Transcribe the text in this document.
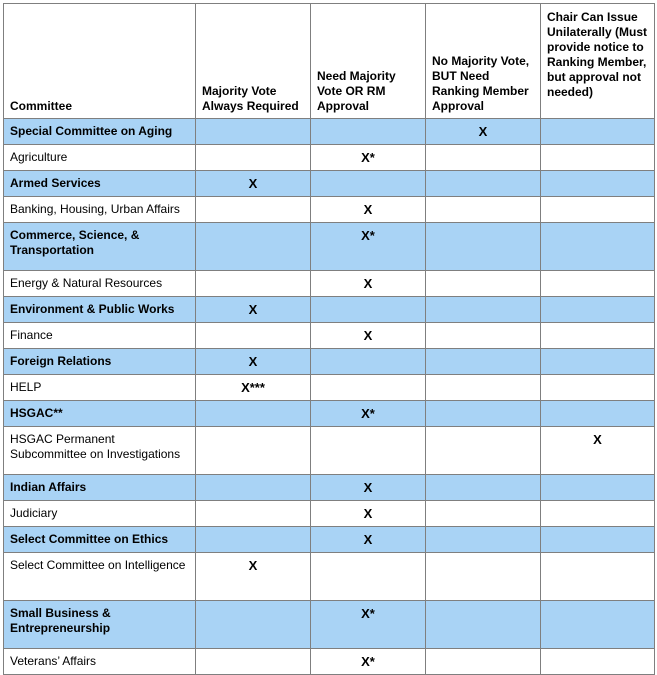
Committee	Majority Vote Always Required	Need Majority Vote OR RM Approval	No Majority Vote, BUT Need Ranking Member Approval	Chair Can Issue Unilaterally (Must provide notice to Ranking Member, but approval not needed)
Special Committee on Aging			X	
Agriculture		X*		
Armed Services	X			
Banking, Housing, Urban Affairs		X		
Commerce, Science, & Transportation		X*		
Energy & Natural Resources		X		
Environment & Public Works	X			
Finance		X		
Foreign Relations	X			
HELP	X***			
HSGAC**		X*		
HSGAC Permanent Subcommittee on Investigations				X
Indian Affairs		X		
Judiciary		X		
Select Committee on Ethics		X		
Select Committee on Intelligence	X			
Small Business & Entrepreneurship		X*		
Veterans’ Affairs		X*		
